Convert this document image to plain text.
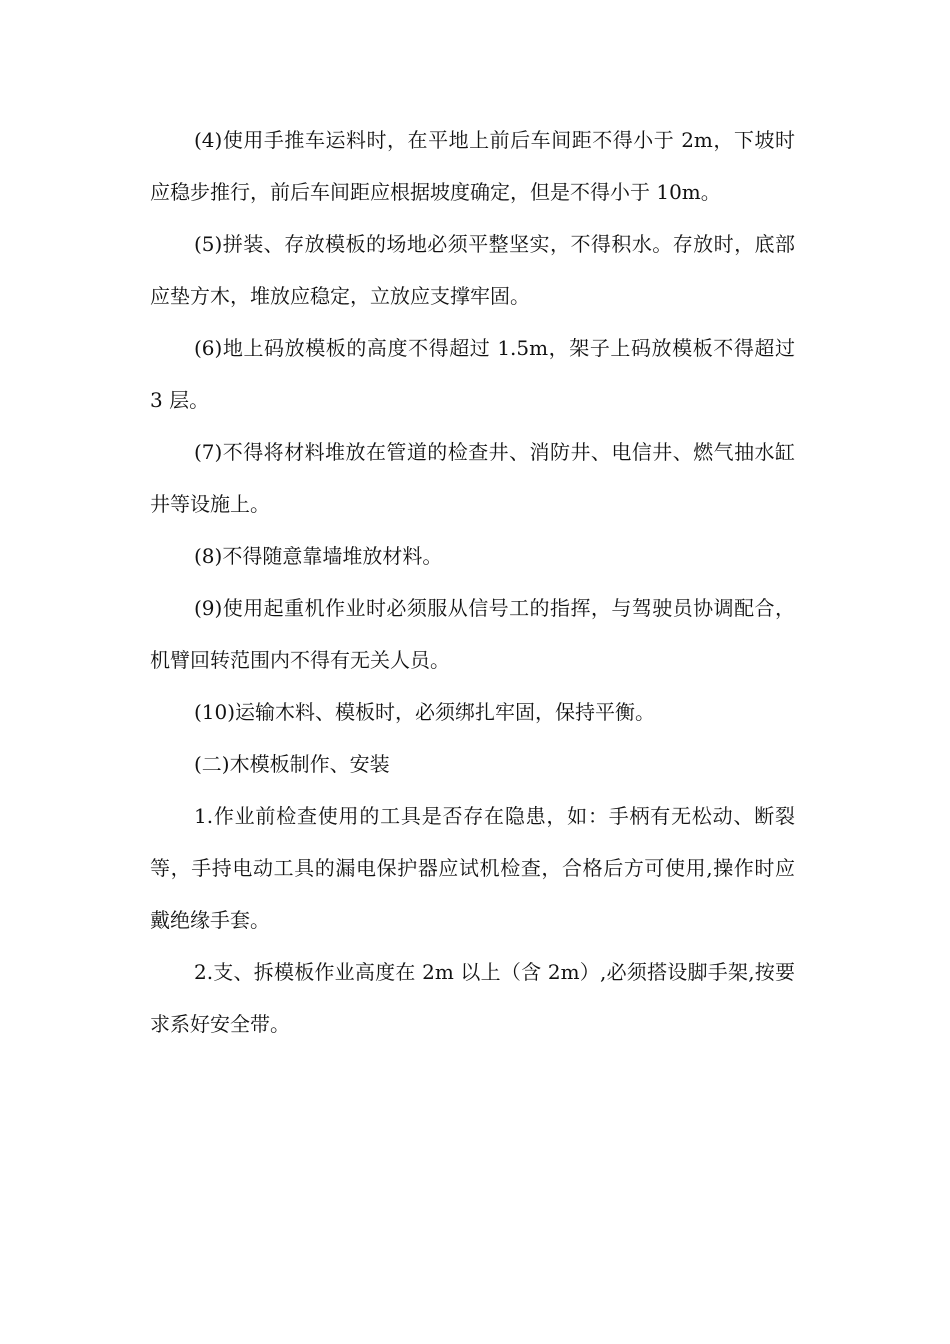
(4)使用手推车运料时，在平地上前后车间距不得小于 2m，下坡时应稳步推行，前后车间距应根据坡度确定，但是不得小于 10m。

(5)拼装、存放模板的场地必须平整坚实，不得积水。存放时，底部应垫方木，堆放应稳定，立放应支撑牢固。

(6)地上码放模板的高度不得超过 1.5m，架子上码放模板不得超过 3 层。

(7)不得将材料堆放在管道的检查井、消防井、电信井、燃气抽水缸井等设施上。

(8)不得随意靠墙堆放材料。

(9)使用起重机作业时必须服从信号工的指挥，与驾驶员协调配合，机臂回转范围内不得有无关人员。

(10)运输木料、模板时，必须绑扎牢固，保持平衡。

(二)木模板制作、安装

1.作业前检查使用的工具是否存在隐患，如：手柄有无松动、断裂等，手持电动工具的漏电保护器应试机检查，合格后方可使用,操作时应戴绝缘手套。

2.支、拆模板作业高度在 2m 以上（含 2m）,必须搭设脚手架,按要求系好安全带。
